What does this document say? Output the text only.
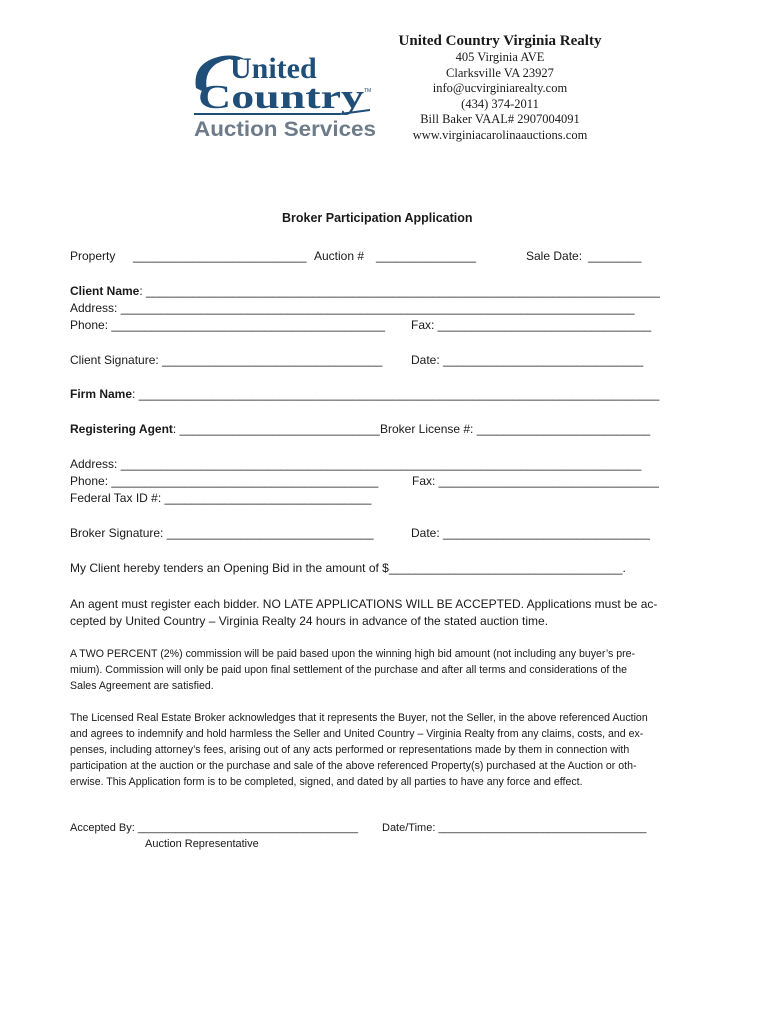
United
Country TM
Auction Services
United Country Virginia Realty
405 Virginia AVE
Clarksville VA 23927
info@ucvirginiarealty.com
(434) 374-2011
Bill Baker VAAL# 2907004091
www.virginiacarolinaauctions.com
Broker Participation Application
Property __________________________ Auction # _______________	Sale Date: ________
Client Name: _____________________________________________________________________________
Address: _____________________________________________________________________________
Phone: _________________________________________ Fax: ________________________________
Client Signature: _________________________________ Date: ______________________________
Firm Name: ______________________________________________________________________________
Registering Agent: ______________________________ Broker License #: __________________________
Address: ______________________________________________________________________________
Phone: ________________________________________	Fax: _________________________________
Federal Tax ID #: _______________________________
Broker Signature: _______________________________	Date: _______________________________
My Client hereby tenders an Opening Bid in the amount of $___________________________________.
An agent must register each bidder. NO LATE APPLICATIONS WILL BE ACCEPTED. Applications must be ac-
cepted by United Country – Virginia Realty 24 hours in advance of the stated auction time.
A TWO PERCENT (2%) commission will be paid based upon the winning high bid amount (not including any buyer’s pre-
mium). Commission will only be paid upon final settlement of the purchase and after all terms and considerations of the
Sales Agreement are satisfied.
The Licensed Real Estate Broker acknowledges that it represents the Buyer, not the Seller, in the above referenced Auction
and agrees to indemnify and hold harmless the Seller and United Country – Virginia Realty from any claims, costs, and ex-
penses, including attorney’s fees, arising out of any acts performed or representations made by them in connection with
participation at the auction or the purchase and sale of the above referenced Property(s) purchased at the Auction or oth-
erwise. This Application form is to be completed, signed, and dated by all parties to have any force and effect.
Accepted By: ____________________________________ Date/Time: __________________________________
Auction Representative
